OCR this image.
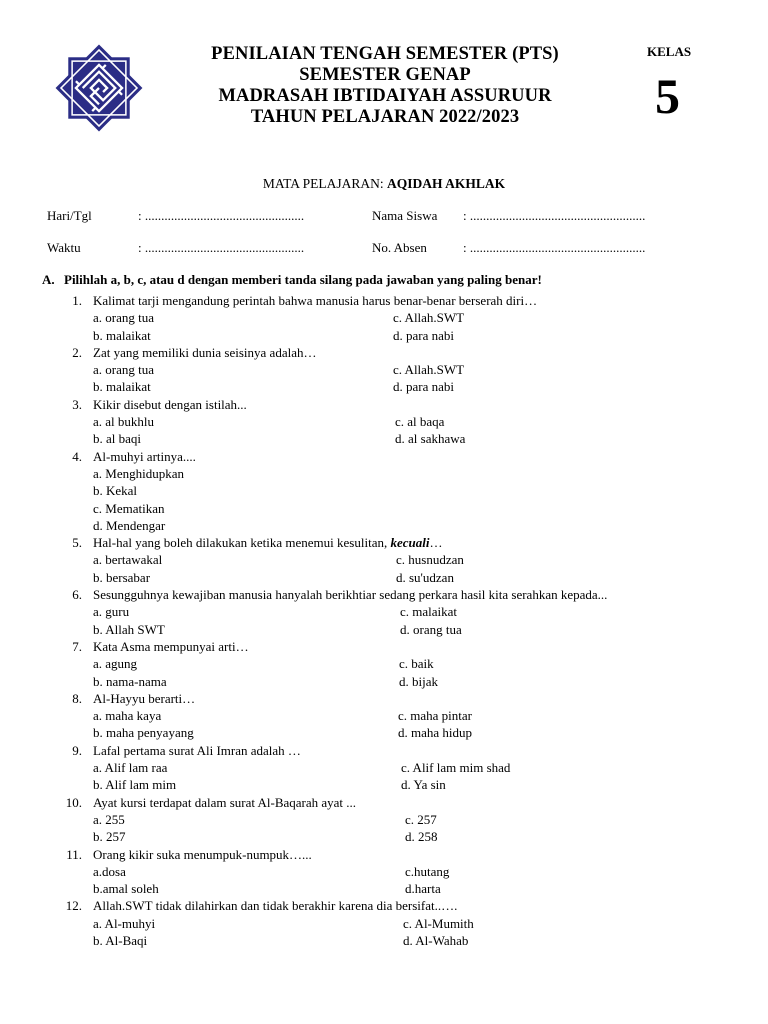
PENILAIAN TENGAH SEMESTER (PTS)
SEMESTER GENAP
MADRASAH IBTIDAIYAH ASSURUUR
TAHUN PELAJARAN 2022/2023
KELAS
5
MATA PELAJARAN: AQIDAH AKHLAK
Hari/Tgl	: .................................................	Nama Siswa : ......................................................
Waktu	: .................................................	No. Absen	: ......................................................
A. Pilihlah a, b, c, atau d dengan memberi tanda silang pada jawaban yang paling benar!
1. Kalimat tarji mengandung perintah bahwa manusia harus benar-benar berserah diri…
a. orang tua	c. Allah.SWT
b. malaikat	d. para nabi
2. Zat yang memiliki dunia seisinya adalah…
a. orang tua	c. Allah.SWT
b. malaikat	d. para nabi
3. Kikir disebut dengan istilah...
a. al bukhlu	c. al baqa
b. al baqi	d. al sakhawa
4. Al-muhyi artinya....
a. Menghidupkan
b. Kekal
c. Mematikan
d. Mendengar
5. Hal-hal yang boleh dilakukan ketika menemui kesulitan, kecuali…
a. bertawakal	c. husnudzan
b. bersabar	d. su'udzan
6. Sesungguhnya kewajiban manusia hanyalah berikhtiar sedang perkara hasil kita serahkan kepada...
a. guru	c. malaikat
b. Allah SWT	d. orang tua
7. Kata Asma mempunyai arti…
a. agung	c. baik
b. nama-nama	d. bijak
8. Al-Hayyu berarti…
a. maha kaya	c. maha pintar
b. maha penyayang	d. maha hidup
9. Lafal pertama surat Ali Imran adalah …
a. Alif lam raa	c. Alif lam mim shad
b. Alif lam mim	d. Ya sin
10. Ayat kursi terdapat dalam surat Al-Baqarah ayat ...
a. 255	c. 257
b. 257	d. 258
11. Orang kikir suka menumpuk-numpuk…...
a.dosa	c.hutang
b.amal soleh	d.harta
12. Allah.SWT tidak dilahirkan dan tidak berakhir karena dia bersifat..….
a. Al-muhyi	c. Al-Mumith
b. Al-Baqi	d. Al-Wahab
